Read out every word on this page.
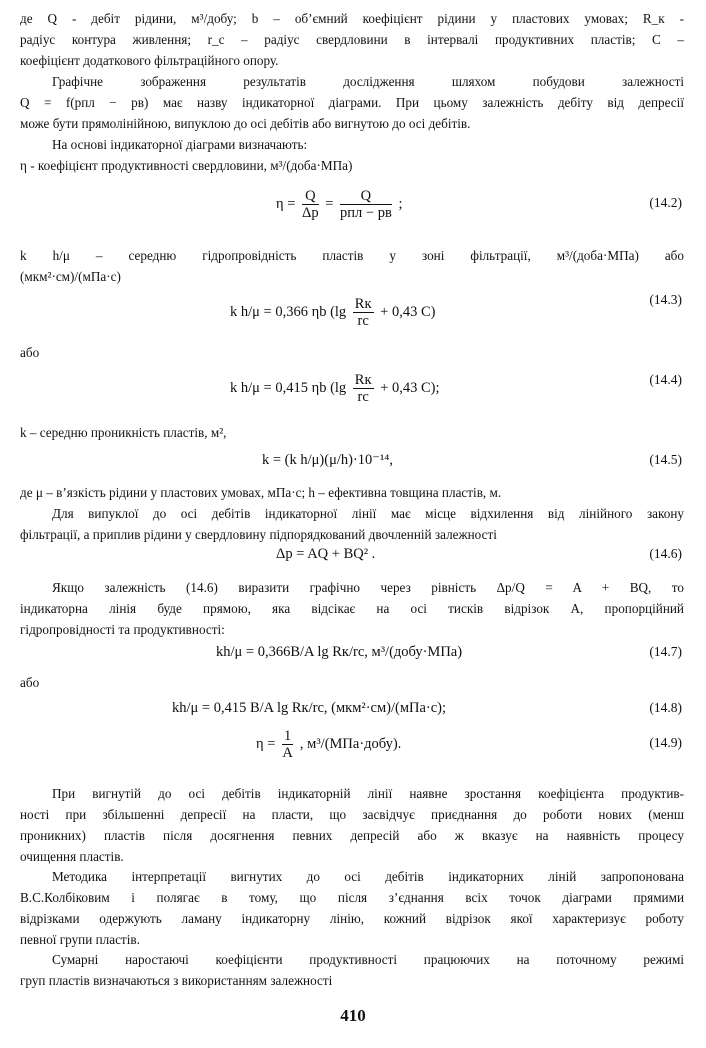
де Q - дебіт рідини, м³/добу; b – об’ємний коефіцієнт рідини у пластових умовах; R_к -
радіус контура живлення; r_c – радіус свердловини в інтервалі продуктивних пластів; C –
коефіцієнт додаткового фільтраційного опору.
Графічне зображення результатів дослідження шляхом побудови залежності
Q = f(pпл − pв) має назву індикаторної діаграми. При цьому залежність дебіту від депресії
може бути прямолінійною, випуклою до осі дебітів або вигнутою до осі дебітів.
На основі індикаторної діаграми визначають:
η - коефіцієнт продуктивності свердловини, м³/(доба·МПа)
$\eta = \frac{Q}{\Delta p} = \frac{Q}{\text{pпл − pв}}$ ;	(14.2)
k h/μ – середню гідропровідність пластів у зоні фільтрації, м³/(доба·МПа) або
(мкм²·см)/(мПа·с)
k h/μ = 0,366 ηb ($\lg \frac{Rк}{rc} + 0,43$ C)
(14.3)
або
k h/μ = 0,415 ηb ($\lg \frac{Rк}{rc} + 0,43$ C);
(14.4)
k – середню проникність пластів, м²,
k = (k h/μ)(μ/h)·10⁻¹⁴,	(14.5)
де μ – в’язкість рідини у пластових умовах, мПа·с; h – ефективна товщина пластів, м.
Для випуклої до осі дебітів індикаторної лінії має місце відхилення від лінійного закону
фільтрації, а приплив рідини у свердловину підпорядкований двочленній залежності
Δp = AQ + BQ² .	(14.6)
Якщо залежність (14.6) виразити графічно через рівність Δp/Q = A + BQ, то
індикаторна лінія буде прямою, яка відсікає на осі тисків відрізок A, пропорційний
гідропровідності та продуктивності:
kh/μ = 0,366B/A lg Rк/rc, м³/(добу·МПа)	(14.7)
або
kh/μ = 0,415 B/A lg Rк/rc, (мкм²·см)/(мПа·с);	(14.8)
$\eta = \frac{1}{A}$ , м³/(МПа·добу).	(14.9)
При вигнутій до осі дебітів індикаторній лінії наявне зростання коефіцієнта продуктив-
ності при збільшенні депресії на пласти, що засвідчує приєднання до роботи нових (менш
проникних) пластів після досягнення певних депресій або ж вказує на наявність процесу
очищення пластів.
Методика інтерпретації вигнутих до осі дебітів індикаторних ліній запропонована
В.С.Колбіковим і полягає в тому, що після з’єднання всіх точок діаграми прямими
відрізками одержують ламану індикаторну лінію, кожний відрізок якої характеризує роботу
певної групи пластів.
Сумарні наростаючі коефіцієнти продуктивності працюючих на поточному режимі
груп пластів визначаються з використанням залежності
410
